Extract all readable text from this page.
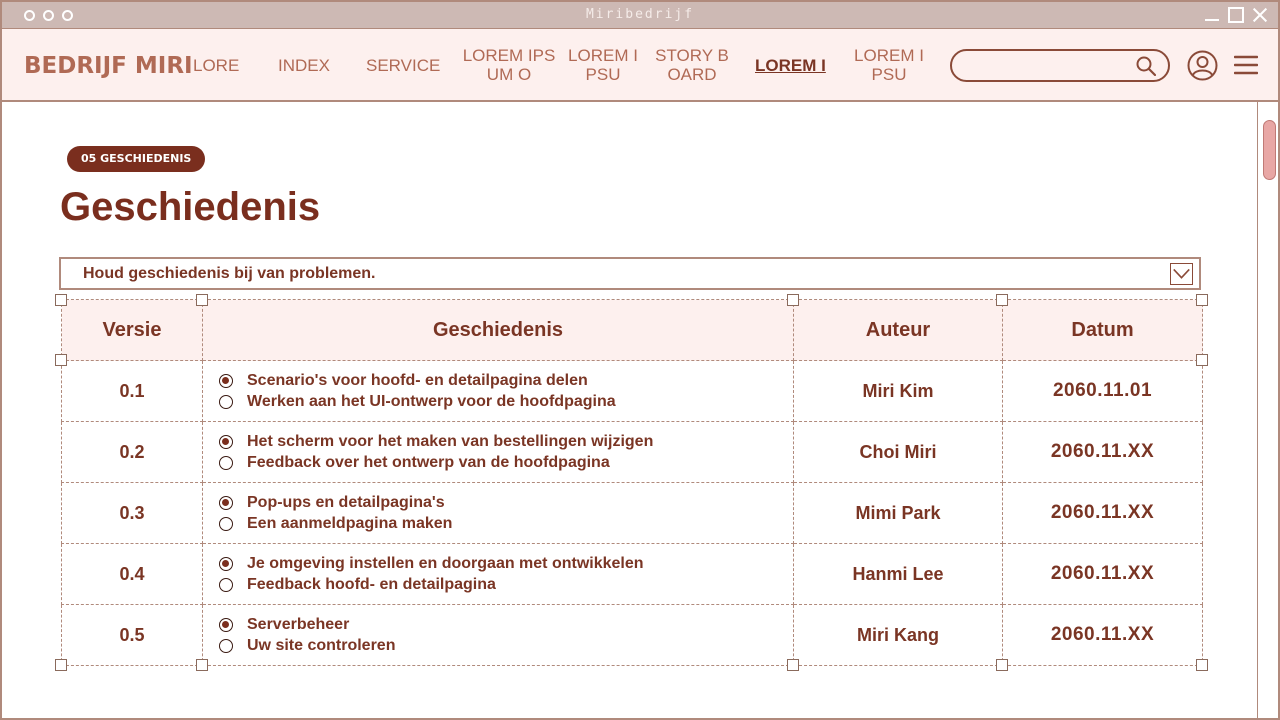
Miribedrijf
BEDRIJF MIRI LORE INDEX SERVICE
LOREM IPS
UM O
LOREM I
PSU
STORY B
OARD	LOREM I
LOREM I
PSU
05 GESCHIEDENIS
Geschiedenis
Houd geschiedenis bij van problemen.
Versie	Geschiedenis	Auteur	Datum
0.1	Scenario's voor hoofd- en detailpagina delen
Werken aan het UI-ontwerp voor de hoofdpagina	Miri Kim	2060.11.01
0.2	Het scherm voor het maken van bestellingen wijzigen
Feedback over het ontwerp van de hoofdpagina	Choi Miri	2060.11.XX
0.3	Pop-ups en detailpagina's
Een aanmeldpagina maken	Mimi Park	2060.11.XX
0.4	Je omgeving instellen en doorgaan met ontwikkelen
Feedback hoofd- en detailpagina	Hanmi Lee	2060.11.XX
0.5	Serverbeheer
Uw site controleren	Miri Kang	2060.11.XX
